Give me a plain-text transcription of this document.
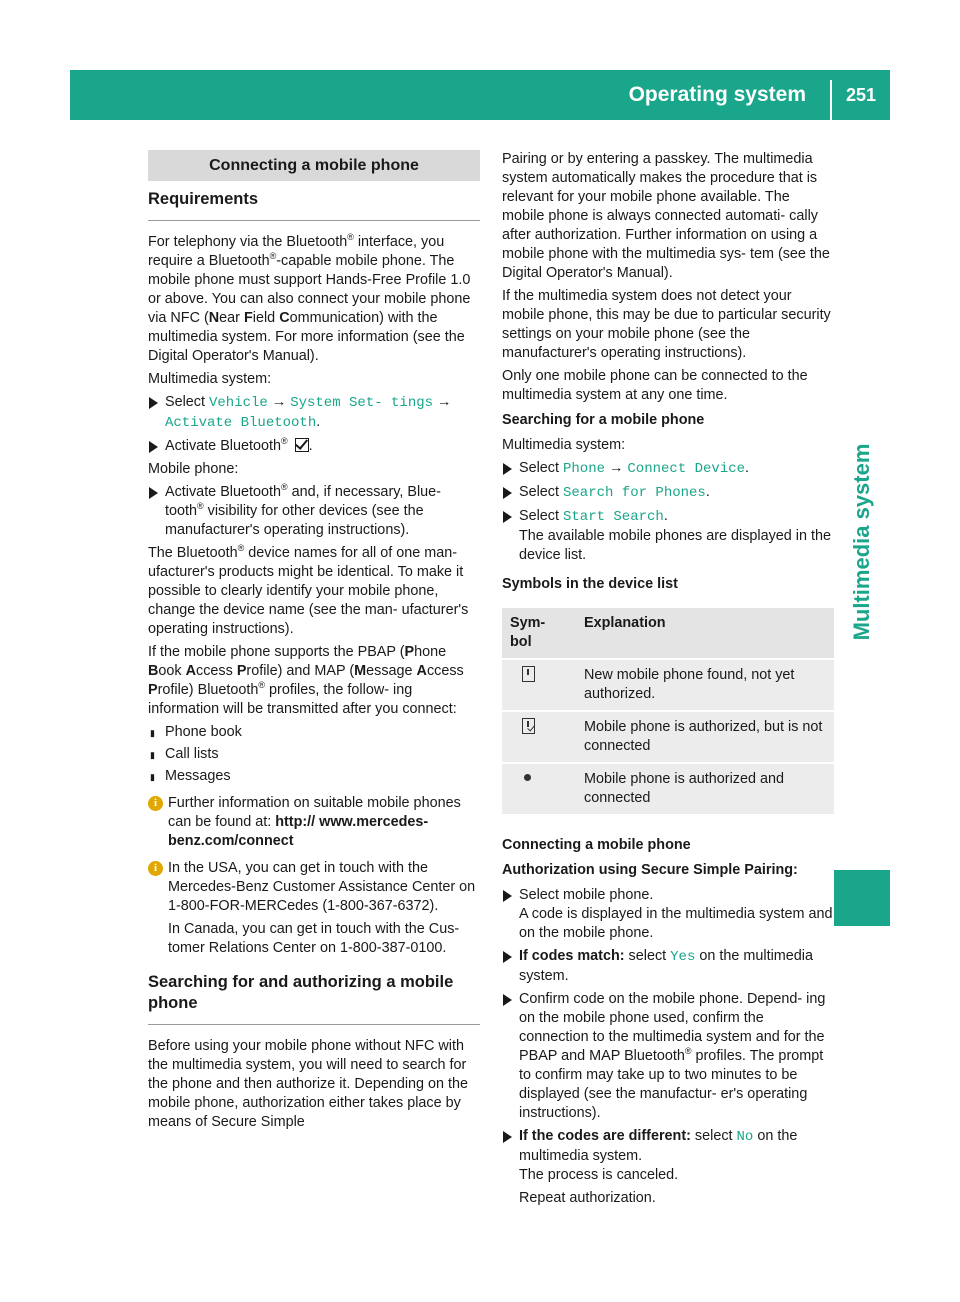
Operating system	251
Multimedia system
Connecting a mobile phone
Requirements

For telephony via the Bluetooth® interface, you require a Bluetooth®-capable mobile phone. The mobile phone must support Hands-Free Profile 1.0 or above. You can also connect your mobile phone via NFC (Near Field Communication) with the multimedia system. For more information (see the Digital Operator's Manual).

Multimedia system:

Select Vehicle → System Set- tings → Activate Bluetooth.
Activate Bluetooth® .

Mobile phone:

Activate Bluetooth® and, if necessary, Blue- tooth® visibility for other devices (see the manufacturer's operating instructions).

The Bluetooth® device names for all of one man- ufacturer's products might be identical. To make it possible to clearly identify your mobile phone, change the device name (see the man- ufacturer's operating instructions).

If the mobile phone supports the PBAP (Phone Book Access Profile) and MAP (Message Access Profile) Bluetooth® profiles, the follow- ing information will be transmitted after you connect:

▮ Phone book
▮ Call lists
▮ Messages
i Further information on suitable mobile phones can be found at: http:// www.mercedes-benz.com/connect
i In the USA, you can get in touch with the Mercedes-Benz Customer Assistance Center on 1-800-FOR-MERCedes (1-800-367-6372).

In Canada, you can get in touch with the Cus- tomer Relations Center on 1-800-387-0100.

Searching for and authorizing a mobile phone

Before using your mobile phone without NFC with the multimedia system, you will need to search for the phone and then authorize it. Depending on the mobile phone, authorization either takes place by means of Secure Simple

Pairing or by entering a passkey. The multimedia system automatically makes the procedure that is relevant for your mobile phone available. The mobile phone is always connected automati- cally after authorization. Further information on using a mobile phone with the multimedia sys- tem (see the Digital Operator's Manual).

If the multimedia system does not detect your mobile phone, this may be due to particular security settings on your mobile phone (see the manufacturer's operating instructions).

Only one mobile phone can be connected to the multimedia system at any one time.

Searching for a mobile phone

Multimedia system:

Select Phone → Connect Device.
Select Search for Phones.
Select Start Search.
The available mobile phones are displayed in the device list.
Symbols in the device list
Sym- bol	Explanation
	New mobile phone found, not yet authorized.
	Mobile phone is authorized, but is not connected
	Mobile phone is authorized and connected
Connecting a mobile phone
Authorization using Secure Simple Pairing:
Select mobile phone.
A code is displayed in the multimedia system and on the mobile phone.
If codes match: select Yes on the multimedia system.
Confirm code on the mobile phone. Depend- ing on the mobile phone used, confirm the connection to the multimedia system and for the PBAP and MAP Bluetooth® profiles. The prompt to confirm may take up to two minutes to be displayed (see the manufactur- er's operating instructions).
If the codes are different: select No on the multimedia system.
The process is canceled.

Repeat authorization.
